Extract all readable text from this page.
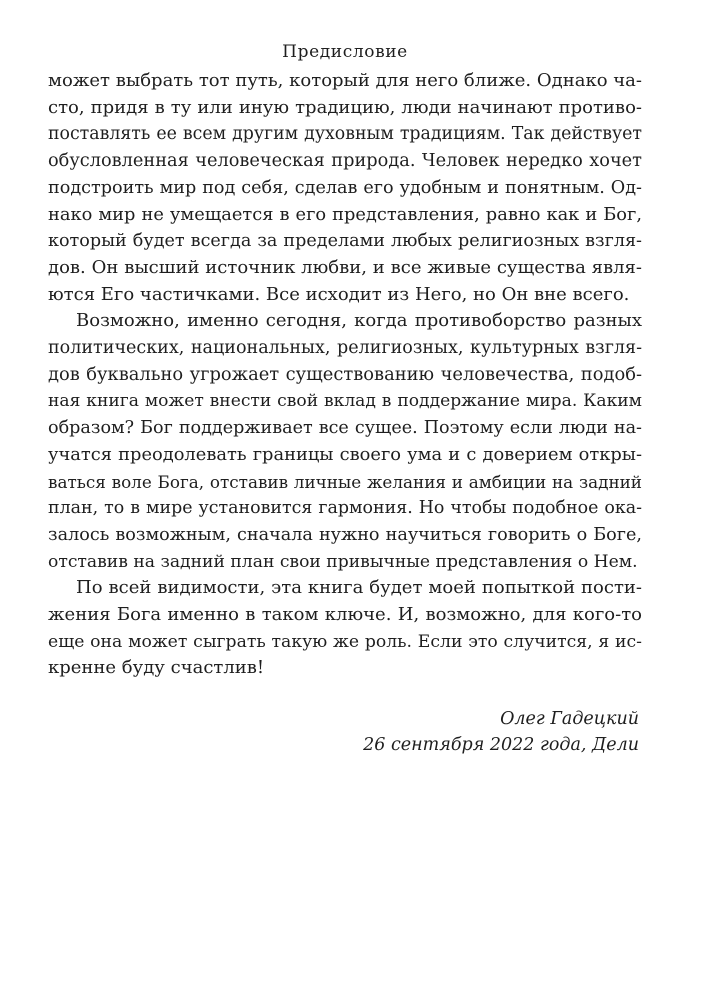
Предисловие
может выбрать тот путь, который для него ближе. Однако ча-
сто, придя в ту или иную традицию, люди начинают противо-
поставлять ее всем другим духовным традициям. Так действует
обусловленная человеческая природа. Человек нередко хочет
подстроить мир под себя, сделав его удобным и понятным. Од-
нако мир не умещается в его представления, равно как и Бог,
который будет всегда за пределами любых религиозных взгля-
дов. Он высший источник любви, и все живые существа явля-
ются Его частичками. Все исходит из Него, но Он вне всего.
Возможно, именно сегодня, когда противоборство разных
политических, национальных, религиозных, культурных взгля-
дов буквально угрожает существованию человечества, подоб-
ная книга может внести свой вклад в поддержание мира. Каким
образом? Бог поддерживает все сущее. Поэтому если люди на-
учатся преодолевать границы своего ума и с доверием откры-
ваться воле Бога, отставив личные желания и амбиции на задний
план, то в мире установится гармония. Но чтобы подобное ока-
залось возможным, сначала нужно научиться говорить о Боге,
отставив на задний план свои привычные представления о Нем.
По всей видимости, эта книга будет моей попыткой пости-
жения Бога именно в таком ключе. И, возможно, для кого-то
еще она может сыграть такую же роль. Если это случится, я ис-
кренне буду счастлив!
Олег Гадецкий
26 сентября 2022 года, Дели
